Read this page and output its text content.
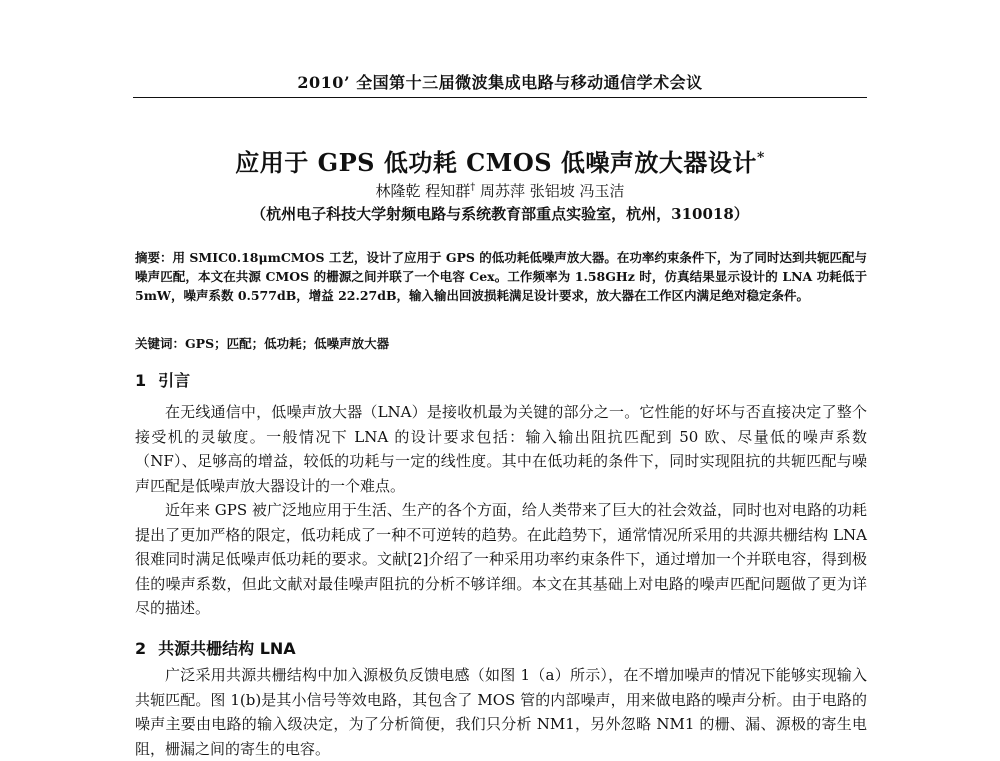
2010’ 全国第十三届微波集成电路与移动通信学术会议
应用于 GPS 低功耗 CMOS 低噪声放大器设计*
林隆乾 程知群† 周苏萍 张铝坡 冯玉洁
（杭州电子科技大学射频电路与系统教育部重点实验室，杭州，310018）

摘要：用 SMIC0.18μmCMOS 工艺，设计了应用于 GPS 的低功耗低噪声放大器。在功率约束条件下，为了同时达到共轭匹配与噪声匹配，本文在共源 CMOS 的栅源之间并联了一个电容 Cex。工作频率为 1.58GHz 时，仿真结果显示设计的 LNA 功耗低于 5mW，噪声系数 0.577dB，增益 22.27dB，输入输出回波损耗满足设计要求，放大器在工作区内满足绝对稳定条件。

关键词：GPS；匹配；低功耗；低噪声放大器
1 引言

在无线通信中，低噪声放大器（LNA）是接收机最为关键的部分之一。它性能的好坏与否直接决定了整个接受机的灵敏度。一般情况下 LNA 的设计要求包括：输入输出阻抗匹配到 50 欧、尽量低的噪声系数（NF）、足够高的增益，较低的功耗与一定的线性度。其中在低功耗的条件下，同时实现阻抗的共轭匹配与噪声匹配是低噪声放大器设计的一个难点。

近年来 GPS 被广泛地应用于生活、生产的各个方面，给人类带来了巨大的社会效益，同时也对电路的功耗提出了更加严格的限定，低功耗成了一种不可逆转的趋势。在此趋势下，通常情况所采用的共源共栅结构 LNA 很难同时满足低噪声低功耗的要求。文献[2]介绍了一种采用功率约束条件下，通过增加一个并联电容，得到极佳的噪声系数，但此文献对最佳噪声阻抗的分析不够详细。本文在其基础上对电路的噪声匹配问题做了更为详尽的描述。

2 共源共栅结构 LNA

广泛采用共源共栅结构中加入源极负反馈电感（如图 1（a）所示），在不增加噪声的情况下能够实现输入共轭匹配。图 1(b)是其小信号等效电路，其包含了 MOS 管的内部噪声，用来做电路的噪声分析。由于电路的噪声主要由电路的输入级决定，为了分析简便，我们只分析 NM1，另外忽略 NM1 的栅、漏、源极的寄生电阻，栅漏之间的寄生的电容。
